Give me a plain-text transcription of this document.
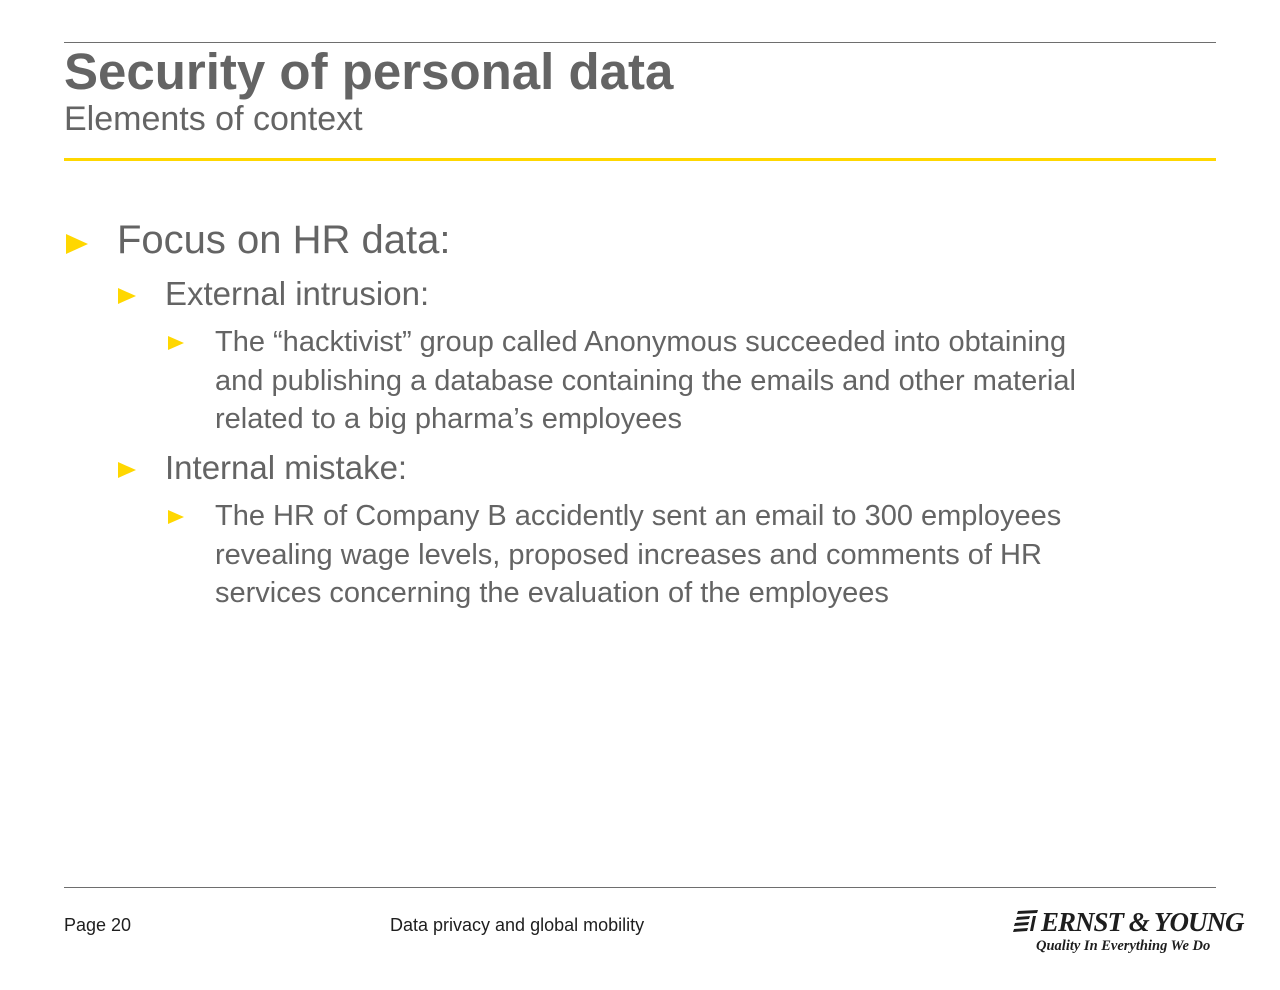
Security of personal data
Elements of context

Focus on HR data:

External intrusion:

The “hacktivist” group called Anonymous succeeded into obtaining
and publishing a database containing the emails and other material
related to a big pharma’s employees

Internal mistake:

The HR of Company B accidently sent an email to 300 employees
revealing wage levels, proposed increases and comments of HR
services concerning the evaluation of the employees

Page 20	Data privacy and global mobility	ERNST & YOUNG

Quality In Everything We Do
